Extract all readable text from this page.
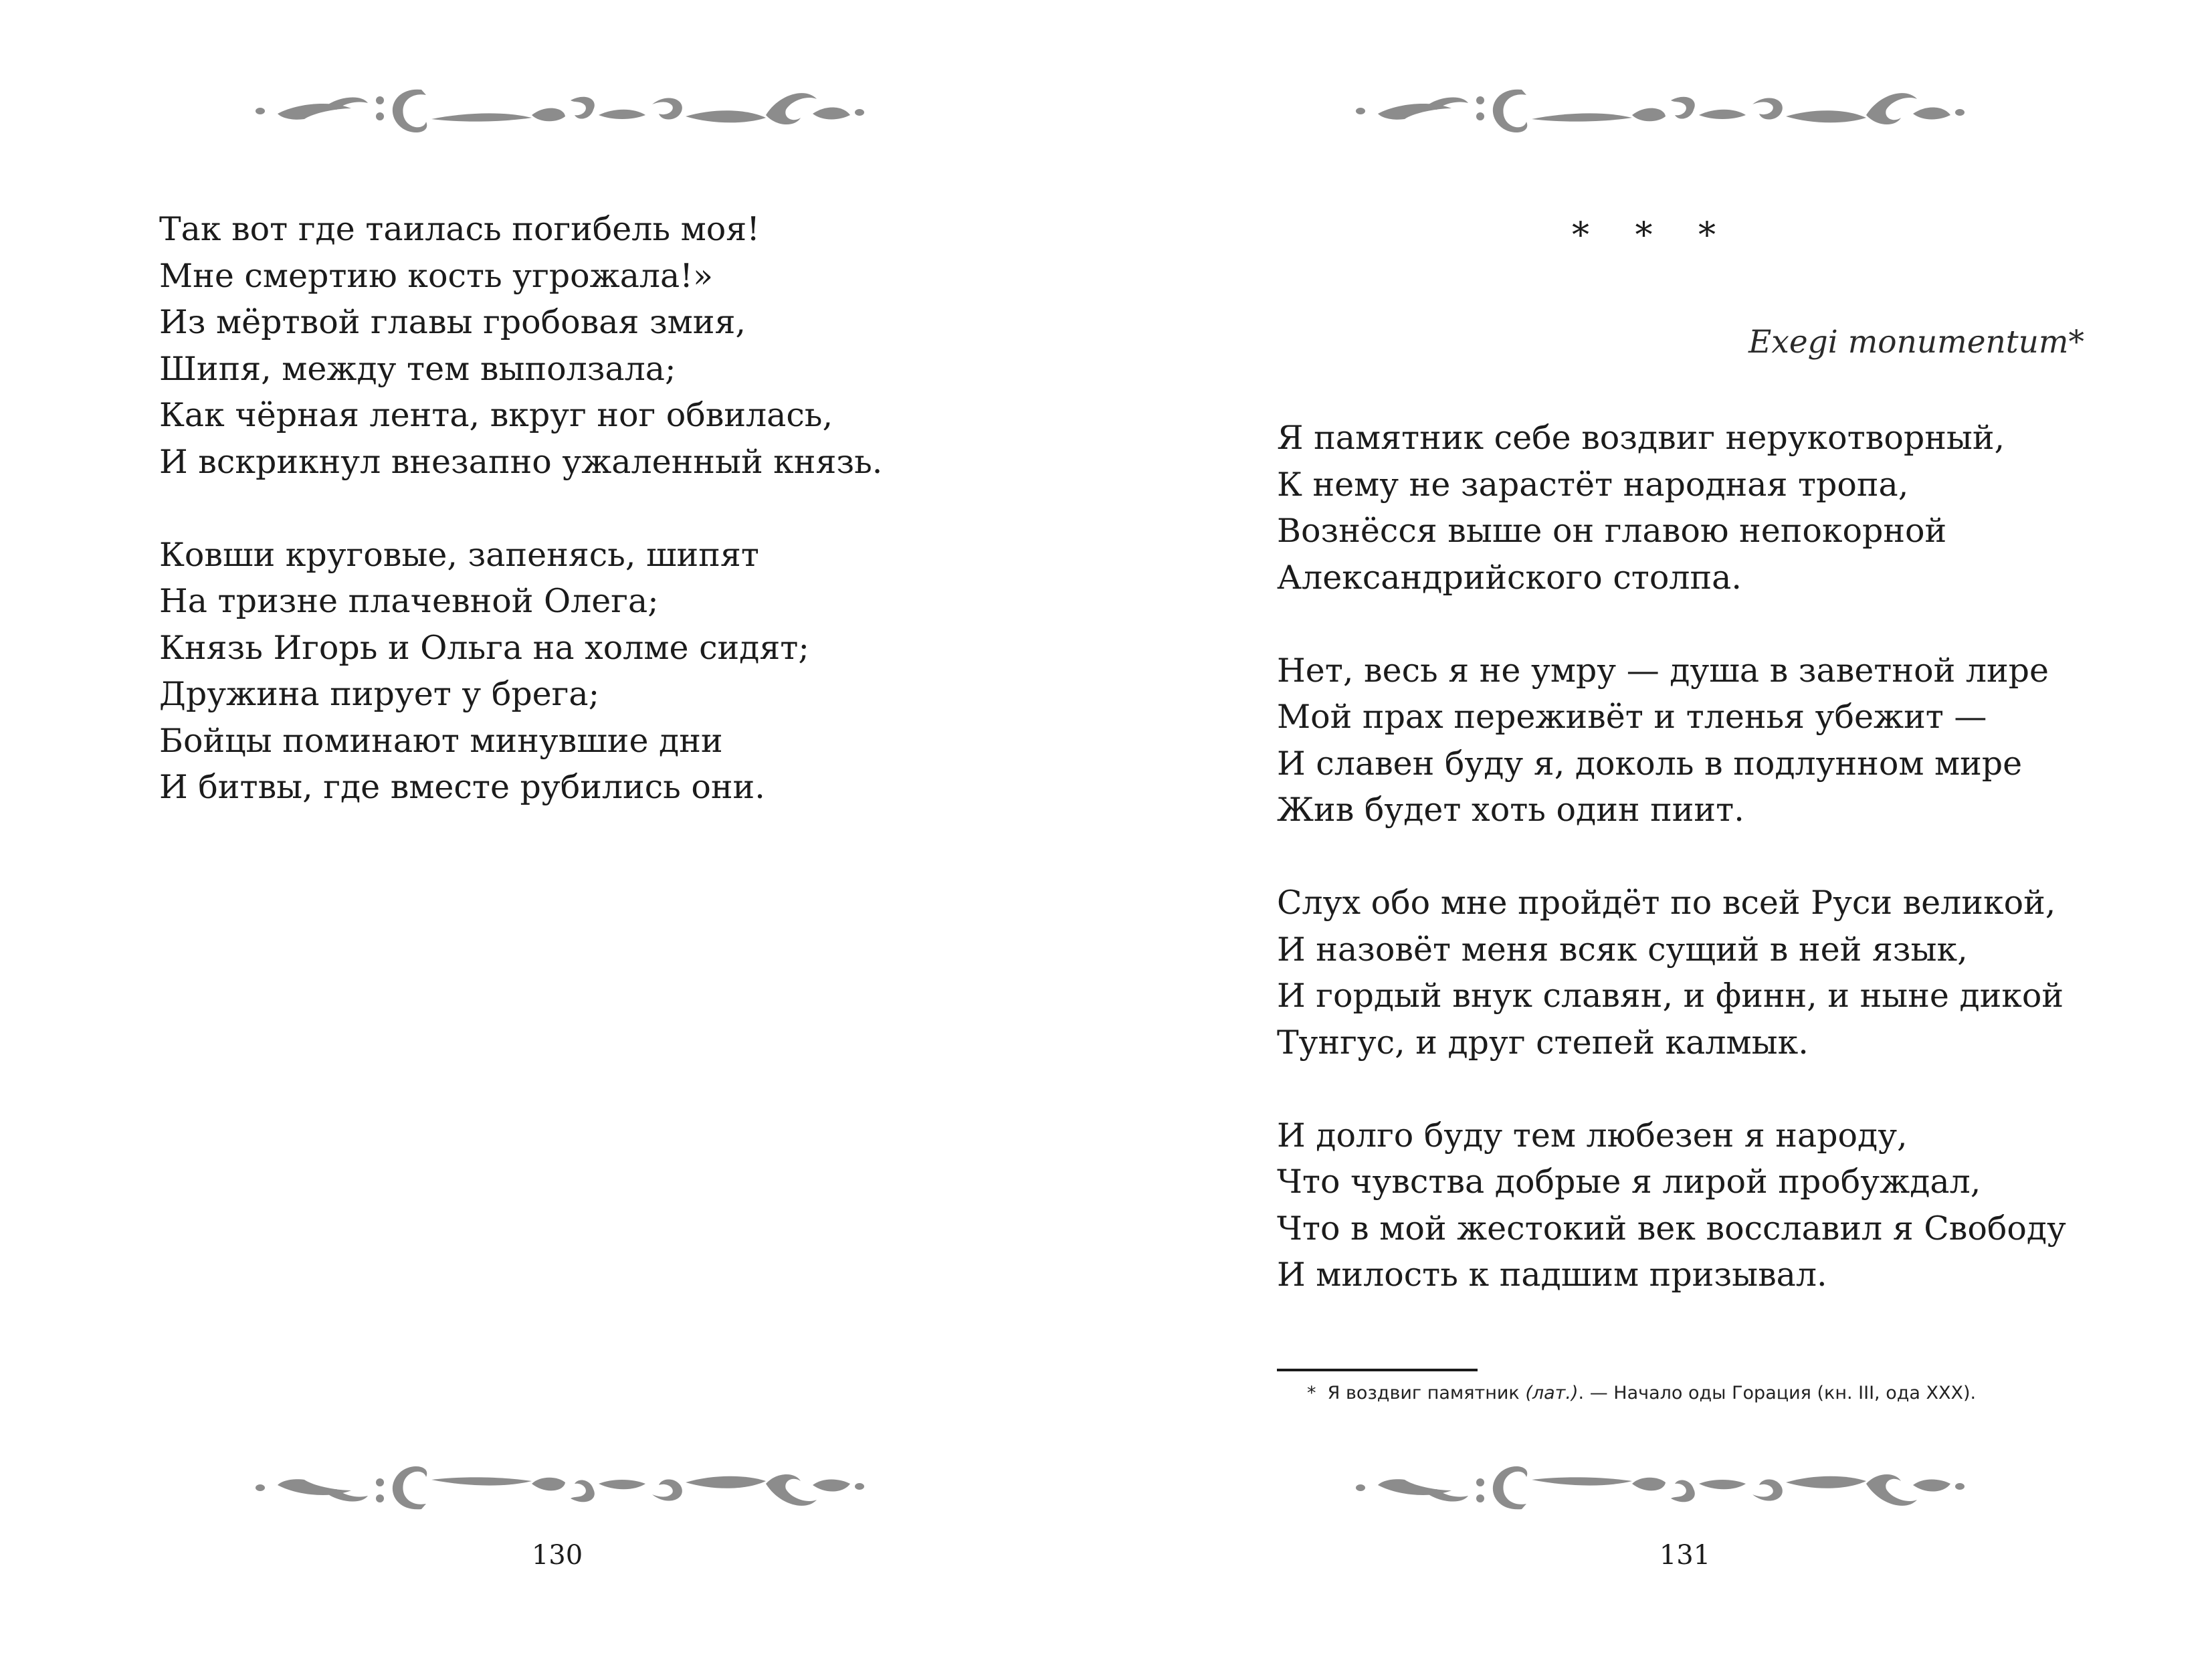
Так вот где таилась погибель моя!
Мне смертию кость угрожала!»
Из мёртвой главы гробовая змия,
Шипя, между тем выползала;
Как чёрная лента, вкруг ног обвилась,
И вскрикнул внезапно ужаленный князь.
Ковши круговые, запенясь, шипят
На тризне плачевной Олега;
Князь Игорь и Ольга на холме сидят;
Дружина пирует у брега;
Бойцы поминают минувшие дни
И битвы, где вместе рубились они.
130
* * *
Exegi monumentum*
Я памятник себе воздвиг нерукотворный,
К нему не зарастёт народная тропа,
Вознёсся выше он главою непокорной
Александрийского столпа.
Нет, весь я не умру — душа в заветной лире
Мой прах переживёт и тленья убежит —
И славен буду я, доколь в подлунном мире
Жив будет хоть один пиит.
Слух обо мне пройдёт по всей Руси великой,
И назовёт меня всяк сущий в ней язык,
И гордый внук славян, и финн, и ныне дикой
Тунгус, и друг степей калмык.
И долго буду тем любезен я народу,
Что чувства добрые я лирой пробуждал,
Что в мой жестокий век восславил я Свободу
И милость к падшим призывал.
* Я воздвиг памятник (лат.). — Начало оды Горация (кн. III, ода XXX).
131
